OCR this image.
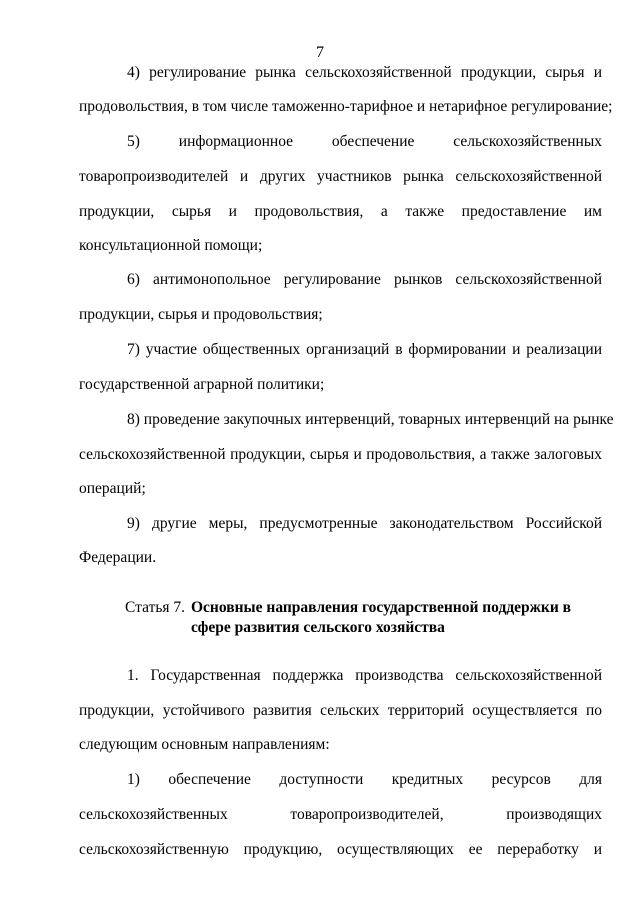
7

4) регулирование рынка сельскохозяйственной продукции, сырья и

продовольствия, в том числе таможенно-тарифное и нетарифное регулирование;

5) информационное обеспечение сельскохозяйственных

товаропроизводителей и других участников рынка сельскохозяйственной

продукции, сырья и продовольствия, а также предоставление им

консультационной помощи;

6) антимонопольное регулирование рынков сельскохозяйственной

продукции, сырья и продовольствия;

7) участие общественных организаций в формировании и реализации

государственной аграрной политики;

8) проведение закупочных интервенций, товарных интервенций на рынке

сельскохозяйственной продукции, сырья и продовольствия, а также залоговых

операций;

9) другие меры, предусмотренные законодательством Российской

Федерации.

Статья 7. Основные направления государственной поддержки в
сфере развития сельского хозяйства

1. Государственная поддержка производства сельскохозяйственной

продукции, устойчивого развития сельских территорий осуществляется по

следующим основным направлениям:

1) обеспечение доступности кредитных ресурсов для

сельскохозяйственных товаропроизводителей, производящих

сельскохозяйственную продукцию, осуществляющих ее переработку и
